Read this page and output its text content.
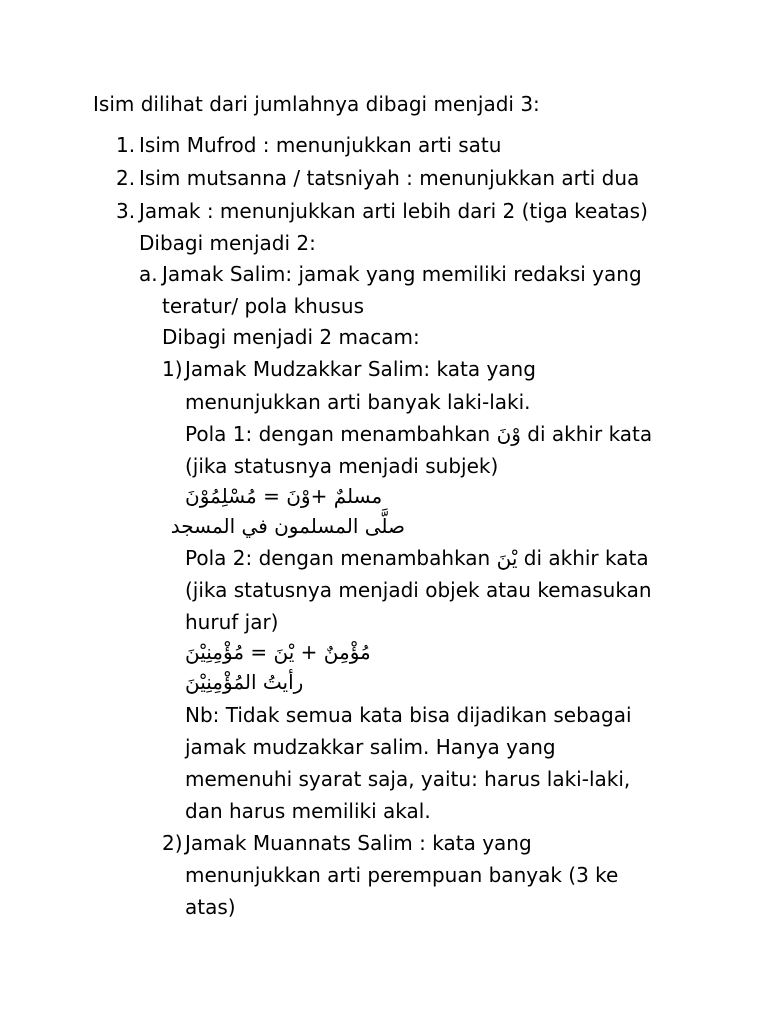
Isim dilihat dari jumlahnya dibagi menjadi 3:
1. Isim Mufrod : menunjukkan arti satu
2. Isim mutsanna / tatsniyah : menunjukkan arti dua
3. Jamak : menunjukkan arti lebih dari 2 (tiga keatas)
Dibagi menjadi 2:
a. Jamak Salim: jamak yang memiliki redaksi yang
teratur/ pola khusus
Dibagi menjadi 2 macam:
1) Jamak Mudzakkar Salim: kata yang
menunjukkan arti banyak laki-laki.
Pola 1: dengan menambahkan وْنَ di akhir kata
(jika statusnya menjadi subjek)
مسلمٌ +وْنَ = مُسْلِمُوْنَ
صلَّى المسلمون في المسجد
Pola 2: dengan menambahkan يْنَ di akhir kata
(jika statusnya menjadi objek atau kemasukan
huruf jar)
مُؤْمِنٌ + يْنَ = مُؤْمِنِيْنَ
رأيتُ المُؤْمِنِيْنَ
Nb: Tidak semua kata bisa dijadikan sebagai
jamak mudzakkar salim. Hanya yang
memenuhi syarat saja, yaitu: harus laki-laki,
dan harus memiliki akal.
2) Jamak Muannats Salim : kata yang
menunjukkan arti perempuan banyak (3 ke
atas)
